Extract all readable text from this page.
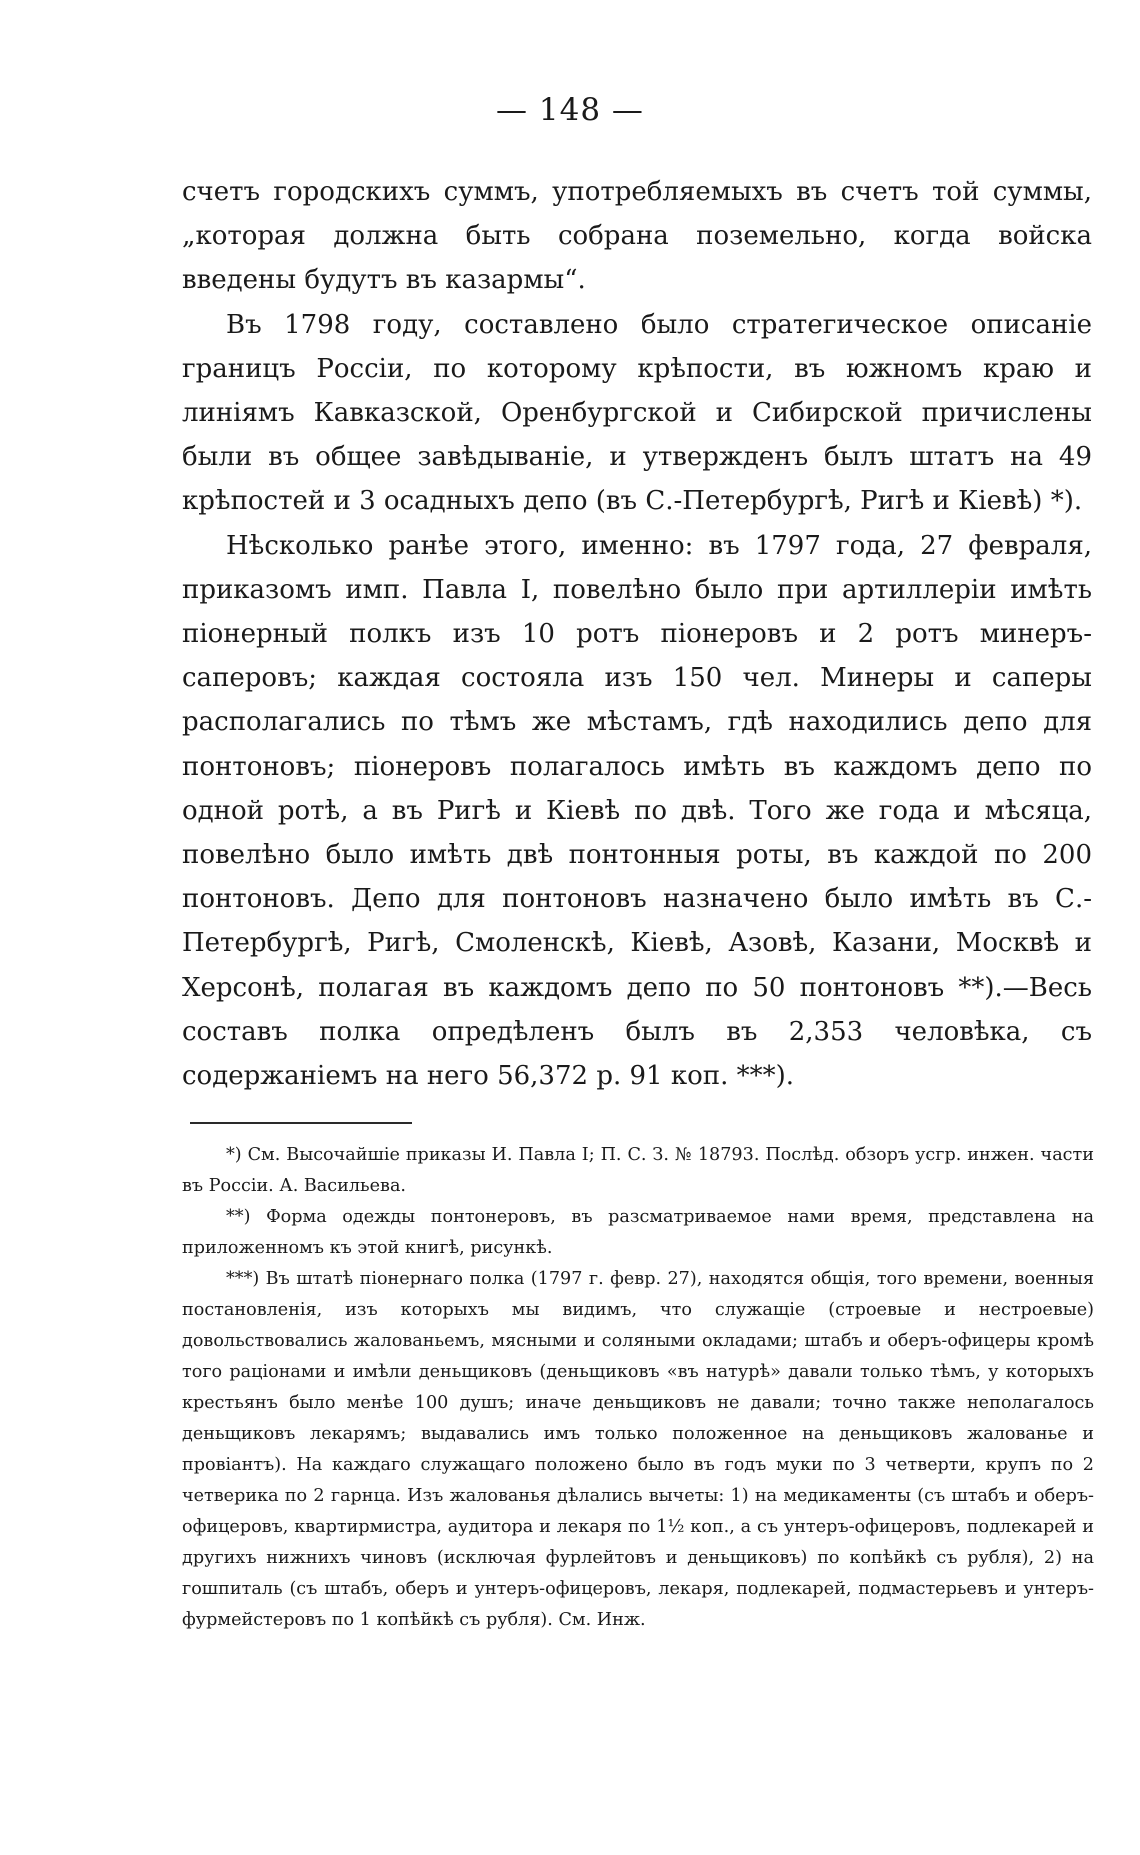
— 148 —

счетъ городскихъ суммъ, употребляемыхъ въ счетъ той суммы, „которая должна быть собрана поземельно, когда войска введены будутъ въ казармы“.

Въ 1798 году, составлено было стратегическое описаніе границъ Россіи, по которому крѣпости, въ южномъ краю и линіямъ Кавказской, Оренбургской и Сибирской причислены были въ общее завѣдываніе, и утвержденъ былъ штатъ на 49 крѣпостей и 3 осадныхъ депо (въ С.-Петербургѣ, Ригѣ и Кіевѣ) *).

Нѣсколько ранѣе этого, именно: въ 1797 года, 27 февраля, приказомъ имп. Павла I, повелѣно было при артиллеріи имѣть піонерный полкъ изъ 10 ротъ піонеровъ и 2 ротъ минеръ-саперовъ; каждая состояла изъ 150 чел. Минеры и саперы располагались по тѣмъ же мѣстамъ, гдѣ находились депо для понтоновъ; піонеровъ полагалось имѣть въ каждомъ депо по одной ротѣ, а въ Ригѣ и Кіевѣ по двѣ. Того же года и мѣсяца, повелѣно было имѣть двѣ понтонныя роты, въ каждой по 200 понтоновъ. Депо для понтоновъ назначено было имѣть въ С.-Петербургѣ, Ригѣ, Смоленскѣ, Кіевѣ, Азовѣ, Казани, Москвѣ и Херсонѣ, полагая въ каждомъ депо по 50 понтоновъ **).—Весь составъ полка опредѣленъ былъ въ 2,353 человѣка, съ содержаніемъ на него 56,372 р. 91 коп. ***).

*) См. Высочайшіе приказы И. Павла I; П. С. З. № 18793. Послѣд. обзоръ усгр. инжен. части въ Россіи. А. Васильева.

**) Форма одежды понтонеровъ, въ разсматриваемое нами время, представлена на приложенномъ къ этой книгѣ, рисункѣ.

***) Въ штатѣ піонернаго полка (1797 г. февр. 27), находятся общія, того времени, военныя постановленія, изъ которыхъ мы видимъ, что служащіе (строевые и нестроевые) довольствовались жалованьемъ, мясными и соляными окладами; штабъ и оберъ-офицеры кромѣ того раціонами и имѣли деньщиковъ (деньщиковъ «въ натурѣ» давали только тѣмъ, у которыхъ крестьянъ было менѣе 100 душъ; иначе деньщиковъ не давали; точно также неполагалось деньщиковъ лекарямъ; выдавались имъ только положенное на деньщиковъ жалованье и провіантъ). На каждаго служащаго положено было въ годъ муки по 3 четверти, крупъ по 2 четверика по 2 гарнца. Изъ жалованья дѣлались вычеты: 1) на медикаменты (съ штабъ и оберъ-офицеровъ, квартирмистра, аудитора и лекаря по 1½ коп., а съ унтеръ-офицеровъ, подлекарей и другихъ нижнихъ чиновъ (исключая фурлейтовъ и деньщиковъ) по копѣйкѣ съ рубля), 2) на гошпиталь (съ штабъ, оберъ и унтеръ-офицеровъ, лекаря, подлекарей, подмастерьевъ и унтеръ-фурмейстеровъ по 1 копѣйкѣ съ рубля). См. Инж.
